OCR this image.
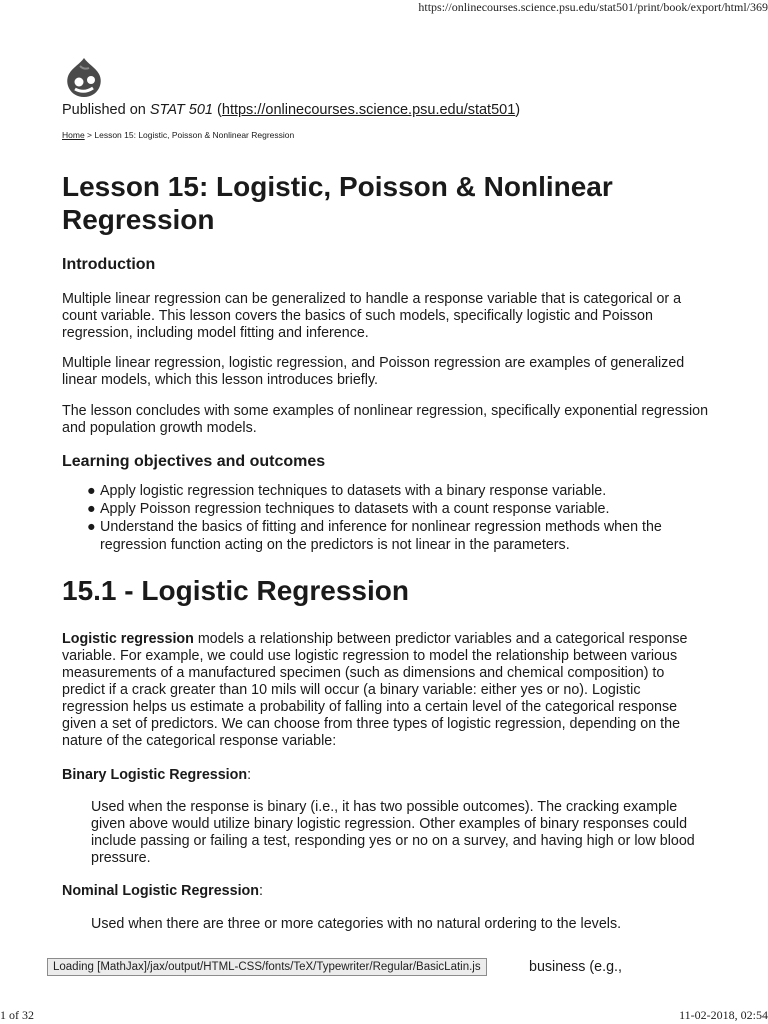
https://onlinecourses.science.psu.edu/stat501/print/book/export/html/369
Published on STAT 501 (https://onlinecourses.science.psu.edu/stat501)
Home > Lesson 15: Logistic, Poisson & Nonlinear Regression
Lesson 15: Logistic, Poisson & Nonlinear Regression
Introduction

Multiple linear regression can be generalized to handle a response variable that is categorical or a count variable. This lesson covers the basics of such models, specifically logistic and Poisson regression, including model fitting and inference.

Multiple linear regression, logistic regression, and Poisson regression are examples of generalized linear models, which this lesson introduces briefly.

The lesson concludes with some examples of nonlinear regression, specifically exponential regression and population growth models.

Learning objectives and outcomes
● Apply logistic regression techniques to datasets with a binary response variable.
● Apply Poisson regression techniques to datasets with a count response variable.
● Understand the basics of fitting and inference for nonlinear regression methods when the regression function acting on the predictors is not linear in the parameters.
15.1 - Logistic Regression

Logistic regression models a relationship between predictor variables and a categorical response variable. For example, we could use logistic regression to model the relationship between various measurements of a manufactured specimen (such as dimensions and chemical composition) to predict if a crack greater than 10 mils will occur (a binary variable: either yes or no). Logistic regression helps us estimate a probability of falling into a certain level of the categorical response given a set of predictors. We can choose from three types of logistic regression, depending on the nature of the categorical response variable:

Binary Logistic Regression:

Used when the response is binary (i.e., it has two possible outcomes). The cracking example given above would utilize binary logistic regression. Other examples of binary responses could include passing or failing a test, responding yes or no on a survey, and having high or low blood pressure.

Nominal Logistic Regression:

Used when there are three or more categories with no natural ordering to the levels.

Loading [MathJax]/jax/output/HTML-CSS/fonts/TeX/Typewriter/Regular/BasicLatin.js	business (e.g.,
1 of 32	11-02-2018, 02:54
